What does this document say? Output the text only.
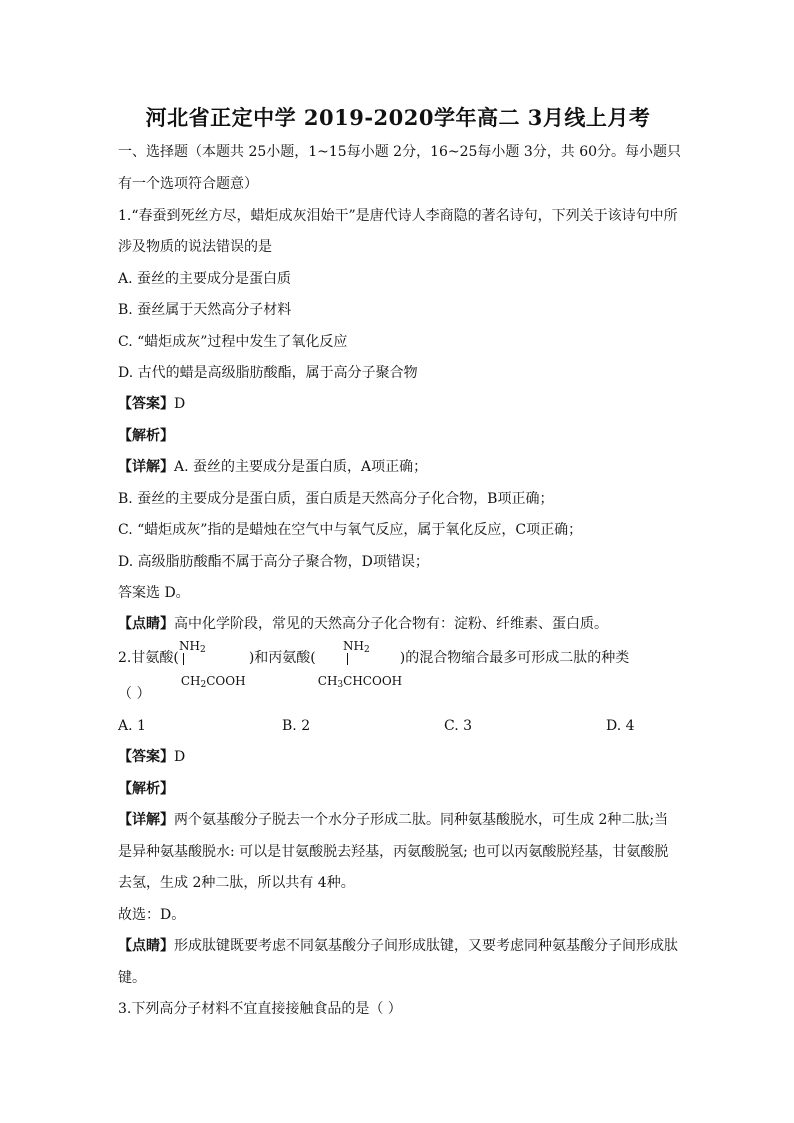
河北省正定中学 2019-2020学年高二 3月线上月考
一、选择题（本题共 25小题，1~15每小题 2分，16~25每小题 3分，共 60分。每小题只
有一个选项符合题意）
1.“春蚕到死丝方尽，蜡炬成灰泪始干”是唐代诗人李商隐的著名诗句，下列关于该诗句中所
涉及物质的说法错误的是
A. 蚕丝的主要成分是蛋白质
B. 蚕丝属于天然高分子材料
C. “蜡炬成灰”过程中发生了氧化反应
D. 古代的蜡是高级脂肪酸酯，属于高分子聚合物
【答案】D
【解析】
【详解】A. 蚕丝的主要成分是蛋白质，A项正确；
B. 蚕丝的主要成分是蛋白质，蛋白质是天然高分子化合物，B项正确；
C. “蜡炬成灰”指的是蜡烛在空气中与氧气反应，属于氧化反应，C项正确；
D. 高级脂肪酸酯不属于高分子聚合物，D项错误；
答案选 D。
【点睛】高中化学阶段，常见的天然高分子化合物有：淀粉、纤维素、蛋白质。
$NH_2$	$NH_2$
2.甘氨酸(
$CH_2COOH$
)和丙氨酸(
$CH_3CHCOOH$
)的混合物缩合最多可形成二肽的种类
（ ）
A. 1	B. 2	C. 3	D. 4
【答案】D
【解析】
【详解】两个氨基酸分子脱去一个水分子形成二肽。同种氨基酸脱水，可生成 2种二肽;当
是异种氨基酸脱水: 可以是甘氨酸脱去羟基，丙氨酸脱氢; 也可以丙氨酸脱羟基，甘氨酸脱
去氢，生成 2种二肽，所以共有 4种。
故选：D。
【点睛】形成肽键既要考虑不同氨基酸分子间形成肽键，又要考虑同种氨基酸分子间形成肽
键。
3.下列高分子材料不宜直接接触食品的是（ ）
